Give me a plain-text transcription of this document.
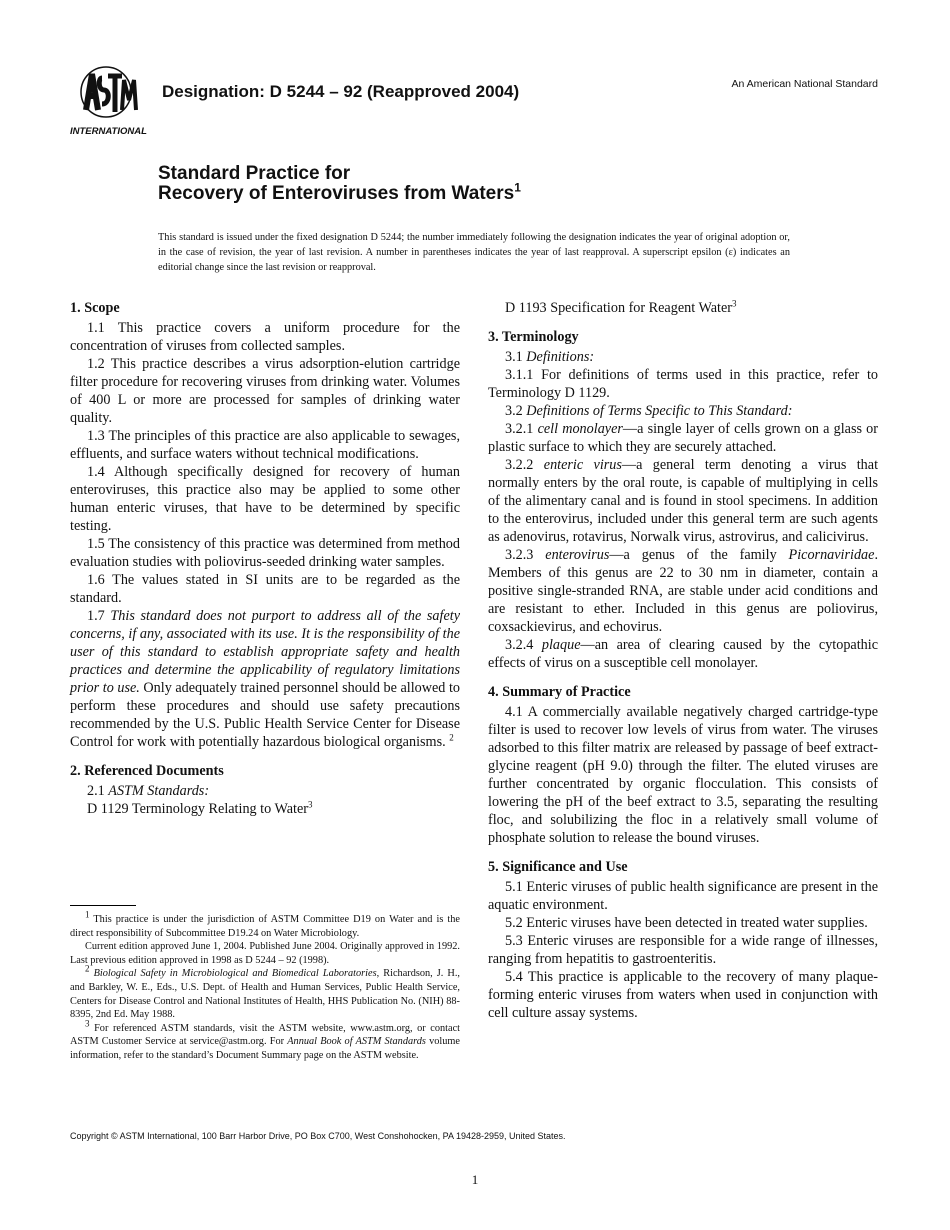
INTERNATIONAL
Designation: D 5244 – 92 (Reapproved 2004)	An American National Standard
Standard Practice for
Recovery of Enteroviruses from Waters$^1$
This standard is issued under the fixed designation D 5244; the number immediately following the designation indicates the year of original adoption or, in the case of revision, the year of last revision. A number in parentheses indicates the year of last reapproval. A superscript epsilon (ε) indicates an editorial change since the last revision or reapproval.
1. Scope

1.1 This practice covers a uniform procedure for the concentration of viruses from collected samples.

1.2 This practice describes a virus adsorption-elution cartridge filter procedure for recovering viruses from drinking water. Volumes of 400 L or more are processed for samples of drinking water quality.

1.3 The principles of this practice are also applicable to sewages, effluents, and surface waters without technical modifications.

1.4 Although specifically designed for recovery of human enteroviruses, this practice also may be applied to some other human enteric viruses, that have to be determined by specific testing.

1.5 The consistency of this practice was determined from method evaluation studies with poliovirus-seeded drinking water samples.

1.6 The values stated in SI units are to be regarded as the standard.

1.7 This standard does not purport to address all of the safety concerns, if any, associated with its use. It is the responsibility of the user of this standard to establish appropriate safety and health practices and determine the applicability of regulatory limitations prior to use. Only adequately trained personnel should be allowed to perform these procedures and should use safety precautions recommended by the U.S. Public Health Service Center for Disease Control for work with potentially hazardous biological organisms. $^2$

2. Referenced Documents

2.1 ASTM Standards:

D 1129 Terminology Relating to Water$^3$

D 1193 Specification for Reagent Water$^3$

3. Terminology

3.1 Definitions:

3.1.1 For definitions of terms used in this practice, refer to Terminology D 1129.

3.2 Definitions of Terms Specific to This Standard:

3.2.1 cell monolayer—a single layer of cells grown on a glass or plastic surface to which they are securely attached.

3.2.2 enteric virus—a general term denoting a virus that normally enters by the oral route, is capable of multiplying in cells of the alimentary canal and is found in stool specimens. In addition to the enterovirus, included under this general term are such agents as adenovirus, rotavirus, Norwalk virus, astrovirus, and calicivirus.

3.2.3 enterovirus—a genus of the family Picornaviridae. Members of this genus are 22 to 30 nm in diameter, contain a positive single-stranded RNA, are stable under acid conditions and are resistant to ether. Included in this genus are poliovirus, coxsackievirus, and echovirus.

3.2.4 plaque—an area of clearing caused by the cytopathic effects of virus on a susceptible cell monolayer.

4. Summary of Practice

4.1 A commercially available negatively charged cartridge-type filter is used to recover low levels of virus from water. The viruses adsorbed to this filter matrix are released by passage of beef extract-glycine reagent (pH 9.0) through the filter. The eluted viruses are further concentrated by organic flocculation. This consists of lowering the pH of the beef extract to 3.5, separating the resulting floc, and solubilizing the floc in a relatively small volume of phosphate solution to release the bound viruses.

5. Significance and Use

5.1 Enteric viruses of public health significance are present in the aquatic environment.

5.2 Enteric viruses have been detected in treated water supplies.

5.3 Enteric viruses are responsible for a wide range of illnesses, ranging from hepatitis to gastroenteritis.

5.4 This practice is applicable to the recovery of many plaque-forming enteric viruses from waters when used in conjunction with cell culture assay systems.

$^1$ This practice is under the jurisdiction of ASTM Committee D19 on Water and is the direct responsibility of Subcommittee D19.24 on Water Microbiology.

Current edition approved June 1, 2004. Published June 2004. Originally approved in 1992. Last previous edition approved in 1998 as D 5244 – 92 (1998).

$^2$ Biological Safety in Microbiological and Biomedical Laboratories, Richardson, J. H., and Barkley, W. E., Eds., U.S. Dept. of Health and Human Services, Public Health Service, Centers for Disease Control and National Institutes of Health, HHS Publication No. (NIH) 88-8395, 2nd Ed. May 1988.

$^3$ For referenced ASTM standards, visit the ASTM website, www.astm.org, or contact ASTM Customer Service at service@astm.org. For Annual Book of ASTM Standards volume information, refer to the standard’s Document Summary page on the ASTM website.

Copyright © ASTM International, 100 Barr Harbor Drive, PO Box C700, West Conshohocken, PA 19428-2959, United States.
1
